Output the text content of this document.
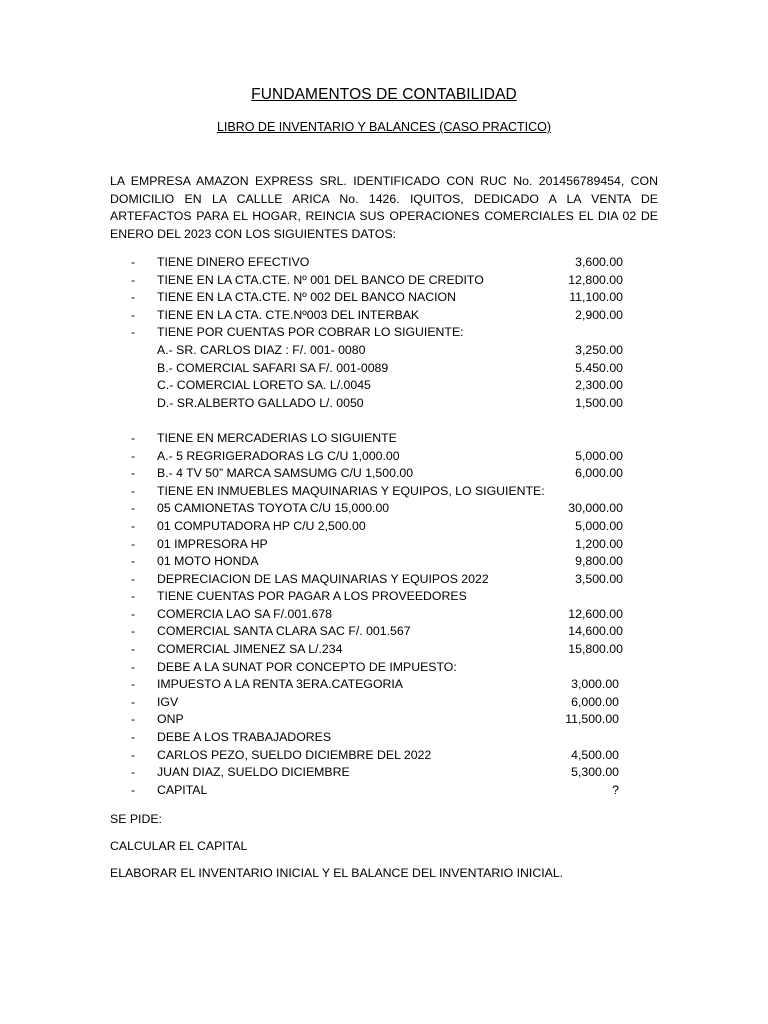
FUNDAMENTOS DE CONTABILIDAD
LIBRO DE INVENTARIO Y BALANCES (CASO PRACTICO)

LA EMPRESA AMAZON EXPRESS SRL. IDENTIFICADO CON RUC No. 201456789454, CON DOMICILIO EN LA CALLLE ARICA No. 1426. IQUITOS, DEDICADO A LA VENTA DE ARTEFACTOS PARA EL HOGAR, REINCIA SUS OPERACIONES COMERCIALES EL DIA 02 DE ENERO DEL 2023 CON LOS SIGUIENTES DATOS:

- TIENE DINERO EFECTIVO	3,600.00
- TIENE EN LA CTA.CTE. Nº 001 DEL BANCO DE CREDITO	12,800.00
- TIENE EN LA CTA.CTE. Nº 002 DEL BANCO NACION	11,100.00
- TIENE EN LA CTA. CTE.Nº003 DEL INTERBAK	2,900.00
- TIENE POR CUENTAS POR COBRAR LO SIGUIENTE:
A.- SR. CARLOS DIAZ : F/. 001- 0080	3,250.00
B.- COMERCIAL SAFARI SA F/. 001-0089	5.450.00
C.- COMERCIAL LORETO SA. L/.0045	2,300.00
D.- SR.ALBERTO GALLADO L/. 0050	1,500.00
- TIENE EN MERCADERIAS LO SIGUIENTE
- A.- 5 REGRIGERADORAS LG C/U 1,000.00	5,000.00
- B.- 4 TV 50” MARCA SAMSUMG C/U 1,500.00	6,000.00
- TIENE EN INMUEBLES MAQUINARIAS Y EQUIPOS, LO SIGUIENTE:
- 05 CAMIONETAS TOYOTA C/U 15,000.00	30,000.00
- 01 COMPUTADORA HP C/U 2,500.00	5,000.00
- 01 IMPRESORA HP	1,200.00
- 01 MOTO HONDA	9,800.00
- DEPRECIACION DE LAS MAQUINARIAS Y EQUIPOS 2022	3,500.00
- TIENE CUENTAS POR PAGAR A LOS PROVEEDORES
- COMERCIA LAO SA F/.001.678	12,600.00
- COMERCIAL SANTA CLARA SAC F/. 001.567	14,600.00
- COMERCIAL JIMENEZ SA L/.234	15,800.00
- DEBE A LA SUNAT POR CONCEPTO DE IMPUESTO:
- IMPUESTO A LA RENTA 3ERA.CATEGORIA	3,000.00
- IGV	6,000.00
- ONP	11,500.00
- DEBE A LOS TRABAJADORES
- CARLOS PEZO, SUELDO DICIEMBRE DEL 2022	4,500.00
- JUAN DIAZ, SUELDO DICIEMBRE	5,300.00
- CAPITAL	?
SE PIDE:
CALCULAR EL CAPITAL
ELABORAR EL INVENTARIO INICIAL Y EL BALANCE DEL INVENTARIO INICIAL.
